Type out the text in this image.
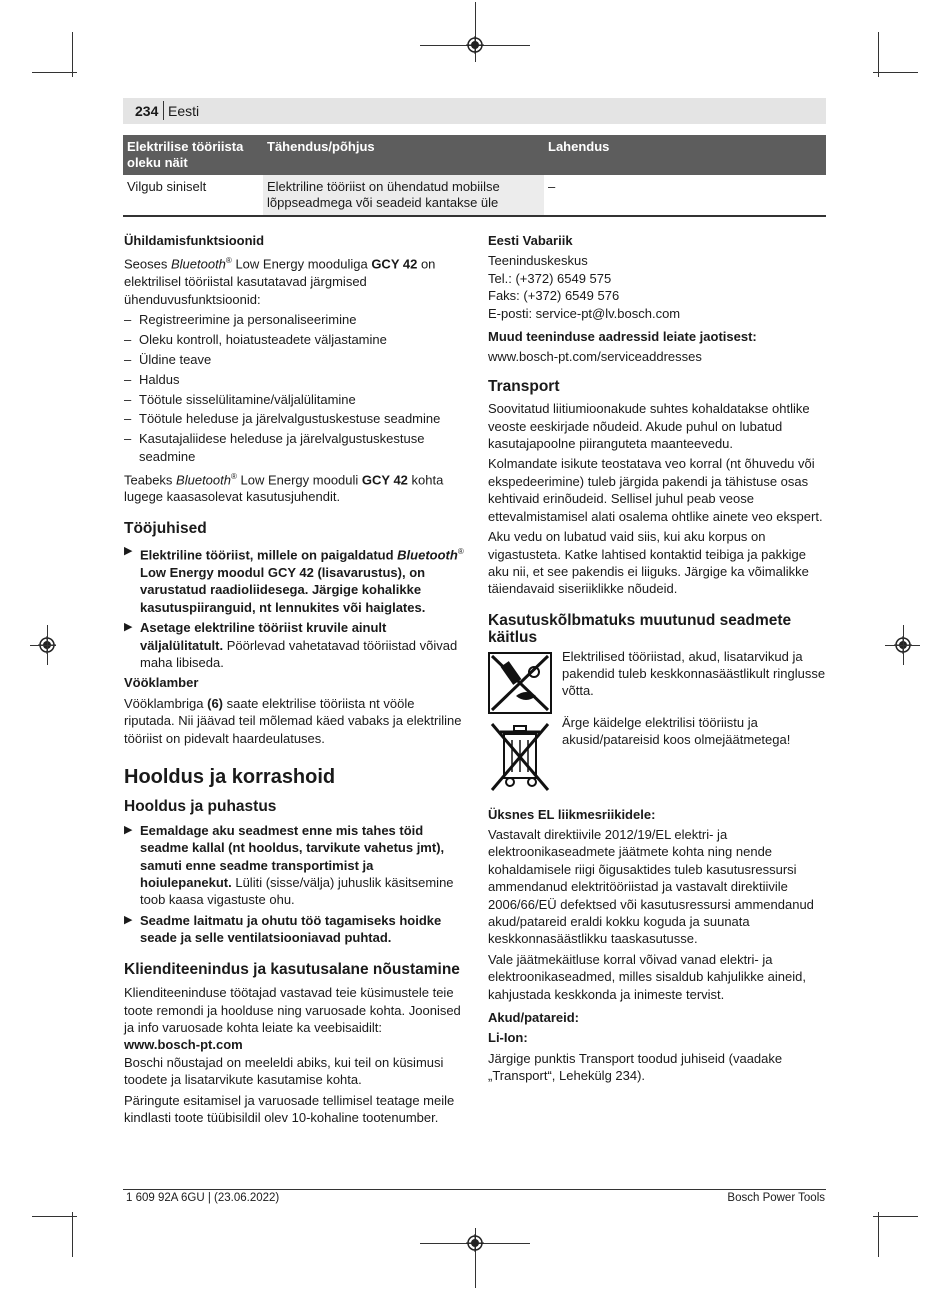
234 Eesti
Elektrilise tööriista oleku näit	Tähendus/põhjus	Lahendus
Vilgub siniselt	Elektriline tööriist on ühendatud mobiilse lõppseadmega või seadeid kantakse üle	–

Ühildamisfunktsioonid

Seoses Bluetooth® Low Energy mooduliga GCY 42 on elektrilisel tööriistal kasutatavad järgmised ühenduvusfunktsioonid:

– Registreerimine ja personaliseerimine
– Oleku kontroll, hoiatusteadete väljastamine
– Üldine teave
– Haldus
– Töötule sisselülitamine/väljalülitamine
– Töötule heleduse ja järelvalgustuskestuse seadmine
– Kasutajaliidese heleduse ja järelvalgustuskestuse seadmine

Teabeks Bluetooth® Low Energy mooduli GCY 42 kohta lugege kaasasolevat kasutusjuhendit.

Tööjuhised

▶ Elektriline tööriist, millele on paigaldatud Bluetooth® Low Energy moodul GCY 42 (lisavarustus), on varustatud raadioliidesega. Järgige kohalikke kasutuspiiranguid, nt lennukites või haiglates.
▶ Asetage elektriline tööriist kruvile ainult väljalülitatult. Pöörlevad vahetatavad tööriistad võivad maha libiseda.

Vööklamber

Vööklambriga (6) saate elektrilise tööriista nt vööle riputada. Nii jäävad teil mõlemad käed vabaks ja elektriline tööriist on pidevalt haardeulatuses.

Hooldus ja korrashoid

Hooldus ja puhastus

▶ Eemaldage aku seadmest enne mis tahes töid seadme kallal (nt hooldus, tarvikute vahetus jmt), samuti enne seadme transportimist ja hoiulepanekut. Lüliti (sisse/välja) juhuslik käsitsemine toob kaasa vigastuste ohu.
▶ Seadme laitmatu ja ohutu töö tagamiseks hoidke seade ja selle ventilatsiooniavad puhtad.

Klienditeenindus ja kasutusalane nõustamine

Klienditeeninduse töötajad vastavad teie küsimustele teie toote remondi ja hoolduse ning varuosade kohta. Joonised ja info varuosade kohta leiate ka veebisaidilt:

www.bosch-pt.com

Boschi nõustajad on meeleldi abiks, kui teil on küsimusi toodete ja lisatarvikute kasutamise kohta.

Päringute esitamisel ja varuosade tellimisel teatage meile kindlasti toote tüübisildil olev 10-kohaline tootenumber.

Eesti Vabariik

Teeninduskeskus

Tel.: (+372) 6549 575

Faks: (+372) 6549 576

E-posti: service-pt@lv.bosch.com

Muud teeninduse aadressid leiate jaotisest:

www.bosch-pt.com/serviceaddresses

Transport

Soovitatud liitiumioonakude suhtes kohaldatakse ohtlike veoste eeskirjade nõudeid. Akude puhul on lubatud kasutajapoolne piiranguteta maanteevedu.

Kolmandate isikute teostatava veo korral (nt õhuvedu või ekspedeerimine) tuleb järgida pakendi ja tähistuse osas kehtivaid erinõudeid. Sellisel juhul peab veose ettevalmistamisel alati osalema ohtlike ainete veo ekspert.

Aku vedu on lubatud vaid siis, kui aku korpus on vigastusteta. Katke lahtised kontaktid teibiga ja pakkige aku nii, et see pakendis ei liiguks. Järgige ka võimalikke täiendavaid siseriiklikke nõudeid.

Kasutuskõlbmatuks muutunud seadmete käitlus

Elektrilised tööriistad, akud, lisatarvikud ja pakendid tuleb keskkonnasäästlikult ringlusse võtta.

Ärge käidelge elektrilisi tööriistu ja akusid/patareisid koos olmejäätmetega!

Üksnes EL liikmesriikidele:

Vastavalt direktiivile 2012/19/EL elektri- ja elektroonikaseadmete jäätmete kohta ning nende kohaldamisele riigi õigusaktides tuleb kasutusressursi ammendanud elektritööriistad ja vastavalt direktiivile 2006/66/EÜ defektsed või kasutusressursi ammendanud akud/patareid eraldi kokku koguda ja suunata keskkonnasäästlikku taaskasutusse.

Vale jäätmekäitluse korral võivad vanad elektri- ja elektroonikaseadmed, milles sisaldub kahjulikke aineid, kahjustada keskkonda ja inimeste tervist.

Akud/patareid:

Li-Ion:

Järgige punktis Transport toodud juhiseid (vaadake „Transport“, Lehekülg 234).

1 609 92A 6GU | (23.06.2022)	Bosch Power Tools
